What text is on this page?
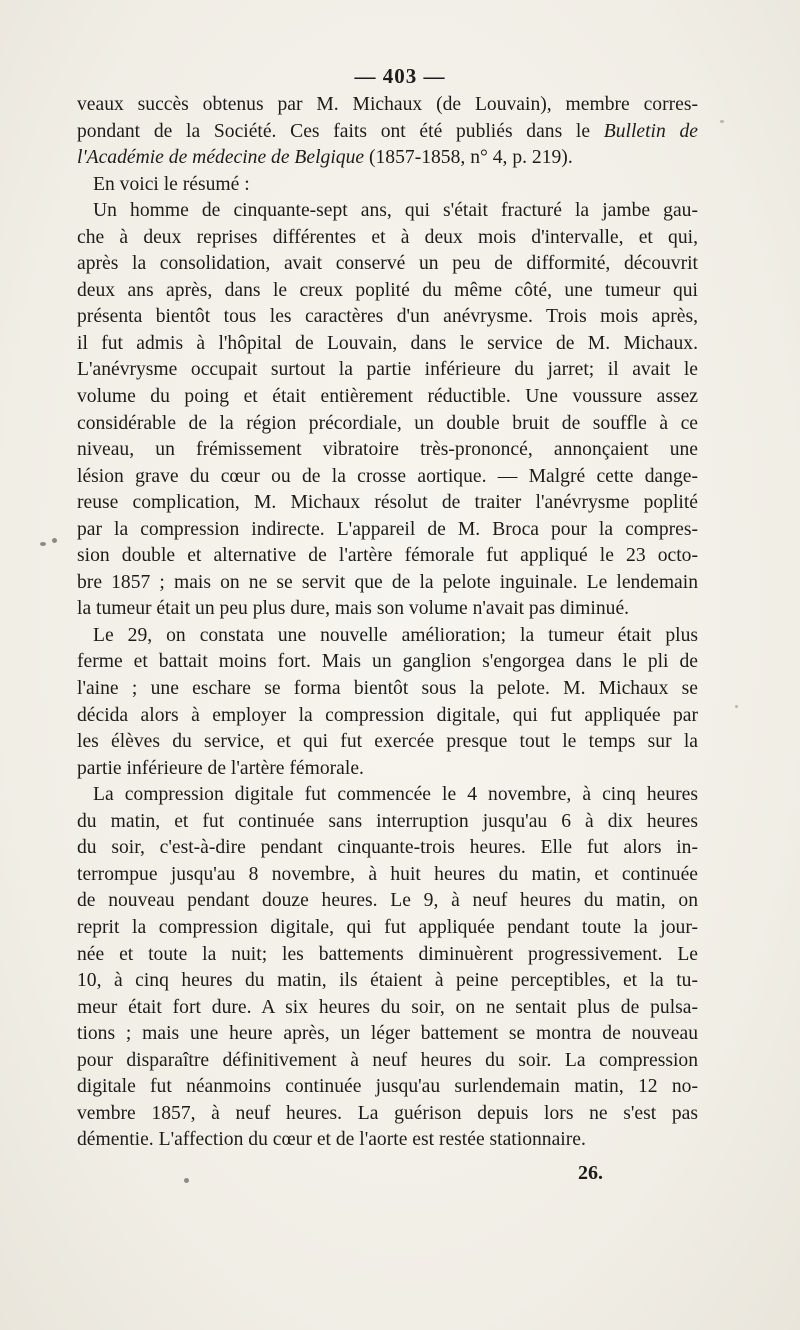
— 403 —
veaux succès obtenus par M. Michaux (de Louvain), membre corres-
pondant de la Société. Ces faits ont été publiés dans le Bulletin de
l'Académie de médecine de Belgique (1857-1858, n° 4, p. 219).
En voici le résumé :
Un homme de cinquante-sept ans, qui s'était fracturé la jambe gau-
che à deux reprises différentes et à deux mois d'intervalle, et qui,
après la consolidation, avait conservé un peu de difformité, découvrit
deux ans après, dans le creux poplité du même côté, une tumeur qui
présenta bientôt tous les caractères d'un anévrysme. Trois mois après,
il fut admis à l'hôpital de Louvain, dans le service de M. Michaux.
L'anévrysme occupait surtout la partie inférieure du jarret; il avait le
volume du poing et était entièrement réductible. Une voussure assez
considérable de la région précordiale, un double bruit de souffle à ce
niveau, un frémissement vibratoire très-prononcé, annonçaient une
lésion grave du cœur ou de la crosse aortique. — Malgré cette dange-
reuse complication, M. Michaux résolut de traiter l'anévrysme poplité
par la compression indirecte. L'appareil de M. Broca pour la compres-
sion double et alternative de l'artère fémorale fut appliqué le 23 octo-
bre 1857 ; mais on ne se servit que de la pelote inguinale. Le lendemain
la tumeur était un peu plus dure, mais son volume n'avait pas diminué.
Le 29, on constata une nouvelle amélioration; la tumeur était plus
ferme et battait moins fort. Mais un ganglion s'engorgea dans le pli de
l'aine ; une eschare se forma bientôt sous la pelote. M. Michaux se
décida alors à employer la compression digitale, qui fut appliquée par
les élèves du service, et qui fut exercée presque tout le temps sur la
partie inférieure de l'artère fémorale.
La compression digitale fut commencée le 4 novembre, à cinq heures
du matin, et fut continuée sans interruption jusqu'au 6 à dix heures
du soir, c'est-à-dire pendant cinquante-trois heures. Elle fut alors in-
terrompue jusqu'au 8 novembre, à huit heures du matin, et continuée
de nouveau pendant douze heures. Le 9, à neuf heures du matin, on
reprit la compression digitale, qui fut appliquée pendant toute la jour-
née et toute la nuit; les battements diminuèrent progressivement. Le
10, à cinq heures du matin, ils étaient à peine perceptibles, et la tu-
meur était fort dure. A six heures du soir, on ne sentait plus de pulsa-
tions ; mais une heure après, un léger battement se montra de nouveau
pour disparaître définitivement à neuf heures du soir. La compression
digitale fut néanmoins continuée jusqu'au surlendemain matin, 12 no-
vembre 1857, à neuf heures. La guérison depuis lors ne s'est pas
démentie. L'affection du cœur et de l'aorte est restée stationnaire.
26.
